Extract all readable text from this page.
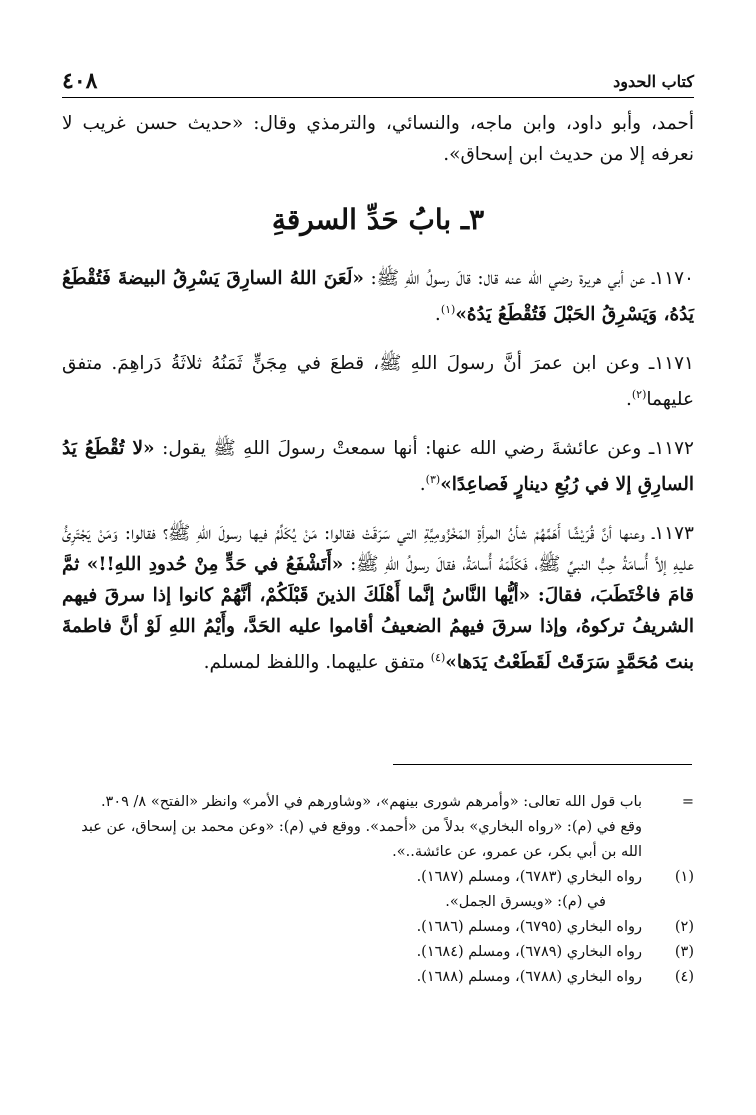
٤٠٨	كتاب الحدود

أحمد، وأبو داود، وابن ماجه، والنسائي، والترمذي وقال: «حديث حسن غريب لا نعرفه إلا من حديث ابن إسحاق».

٣ـ بابُ حَدِّ السرقةِ

١١٧٠ـ عن أبي هريرة رضي الله عنه قال: قالَ رسولُ اللهِ ﷺ: «لَعَنَ اللهُ السارِقَ يَسْرِقُ البيضةَ فَتُقْطَعُ يَدُهُ، وَيَسْرِقُ الحَبْلَ فَتُقْطَعُ يَدُهُ»$^{(١)}$.

١١٧١ـ وعن ابن عمرَ أنَّ رسولَ اللهِ ﷺ، قطعَ في مِجَنٍّ ثَمَنُهُ ثلاثَةُ دَراهِمَ. متفق عليهما$^{(٢)}$.

١١٧٢ـ وعن عائشةَ رضي الله عنها: أنها سمعتْ رسولَ اللهِ ﷺ يقول: «لا تُقْطَعُ يَدُ السارِقِ إلا في رُبُعِ دينارٍ فَصاعِدًا»$^{(٣)}$.

١١٧٣ـ وعنها أنَّ قُرَيْشًا أَهَمَّهُمْ شأنُ المرأةِ المَخْزُومِيَّةِ التي سَرَقَتْ فقالوا: مَنْ يُكَلِّمُ فيها رسولَ اللهِ ﷺ؟ فقالوا: وَمَنْ يَجْتَرِئُ عليهِ إلاَّ أُسامَةُ حِبُّ النبيِّ ﷺ، فَكَلَّمَهُ أُسامَةُ، فقالَ رسولُ اللهِ ﷺ: «أَتَشْفَعُ في حَدٍّ مِنْ حُدودِ اللهِ!!» ثمَّ قامَ فاخْتَطَبَ، فقالَ: «أيُّها النَّاسُ إنَّما أَهْلَكَ الذينَ قَبْلَكُمْ، أنَّهُمْ كانوا إذا سرقَ فيهم الشريفُ تركوهُ، وإذا سرقَ فيهمُ الضعيفُ أقاموا عليه الحَدَّ، وأَيْمُ اللهِ لَوْ أنَّ فاطمةَ بنتَ مُحَمَّدٍ سَرَقَتْ لَقَطَعْتُ يَدَها»$^{(٤)}$ متفق عليهما. واللفظ لمسلم.

=
باب قول الله تعالى: «وأمرهم شورى بينهم»، «وشاورهم في الأمر» وانظر «الفتح» ٨/ ٣٠٩.

وقع في (م): «رواه البخاري» بدلاً من «أحمد». ووقع في (م): «وعن محمد بن إسحاق، عن عبد الله بن أبي بكر، عن عمرو، عن عائشة..».

(١)
رواه البخاري (٦٧٨٣)، ومسلم (١٦٨٧).

في (م): «ويسرق الجمل».

(٢)
رواه البخاري (٦٧٩٥)، ومسلم (١٦٨٦).
(٣)
رواه البخاري (٦٧٨٩)، ومسلم (١٦٨٤).
(٤)
رواه البخاري (٦٧٨٨)، ومسلم (١٦٨٨).
